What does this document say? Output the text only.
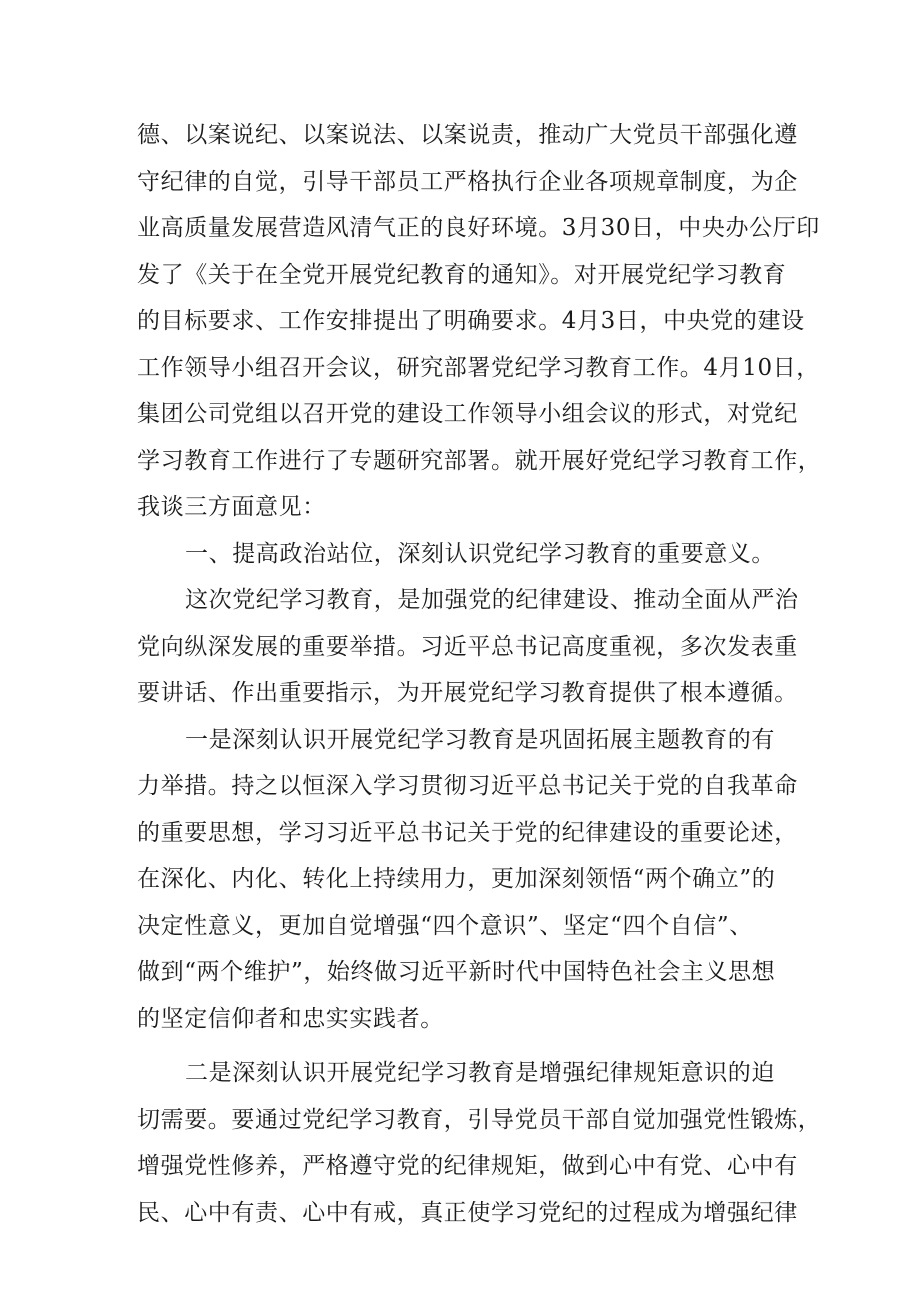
德、以案说纪、以案说法、以案说责，推动广大党员干部强化遵
守纪律的自觉，引导干部员工严格执行企业各项规章制度，为企
业高质量发展营造风清气正的良好环境。3月30日，中央办公厅印
发了《关于在全党开展党纪教育的通知》。对开展党纪学习教育
的目标要求、工作安排提出了明确要求。4月3日，中央党的建设
工作领导小组召开会议，研究部署党纪学习教育工作。4月10日，
集团公司党组以召开党的建设工作领导小组会议的形式，对党纪
学习教育工作进行了专题研究部署。就开展好党纪学习教育工作，
我谈三方面意见：
一、提高政治站位，深刻认识党纪学习教育的重要意义。
这次党纪学习教育，是加强党的纪律建设、推动全面从严治
党向纵深发展的重要举措。习近平总书记高度重视，多次发表重
要讲话、作出重要指示，为开展党纪学习教育提供了根本遵循。
一是深刻认识开展党纪学习教育是巩固拓展主题教育的有
力举措。持之以恒深入学习贯彻习近平总书记关于党的自我革命
的重要思想，学习习近平总书记关于党的纪律建设的重要论述，
在深化、内化、转化上持续用力，更加深刻领悟“两个确立”的
决定性意义，更加自觉增强“四个意识”、坚定“四个自信”、
做到“两个维护”，始终做习近平新时代中国特色社会主义思想
的坚定信仰者和忠实实践者。
二是深刻认识开展党纪学习教育是增强纪律规矩意识的迫
切需要。要通过党纪学习教育，引导党员干部自觉加强党性锻炼，
增强党性修养，严格遵守党的纪律规矩，做到心中有党、心中有
民、心中有责、心中有戒，真正使学习党纪的过程成为增强纪律
